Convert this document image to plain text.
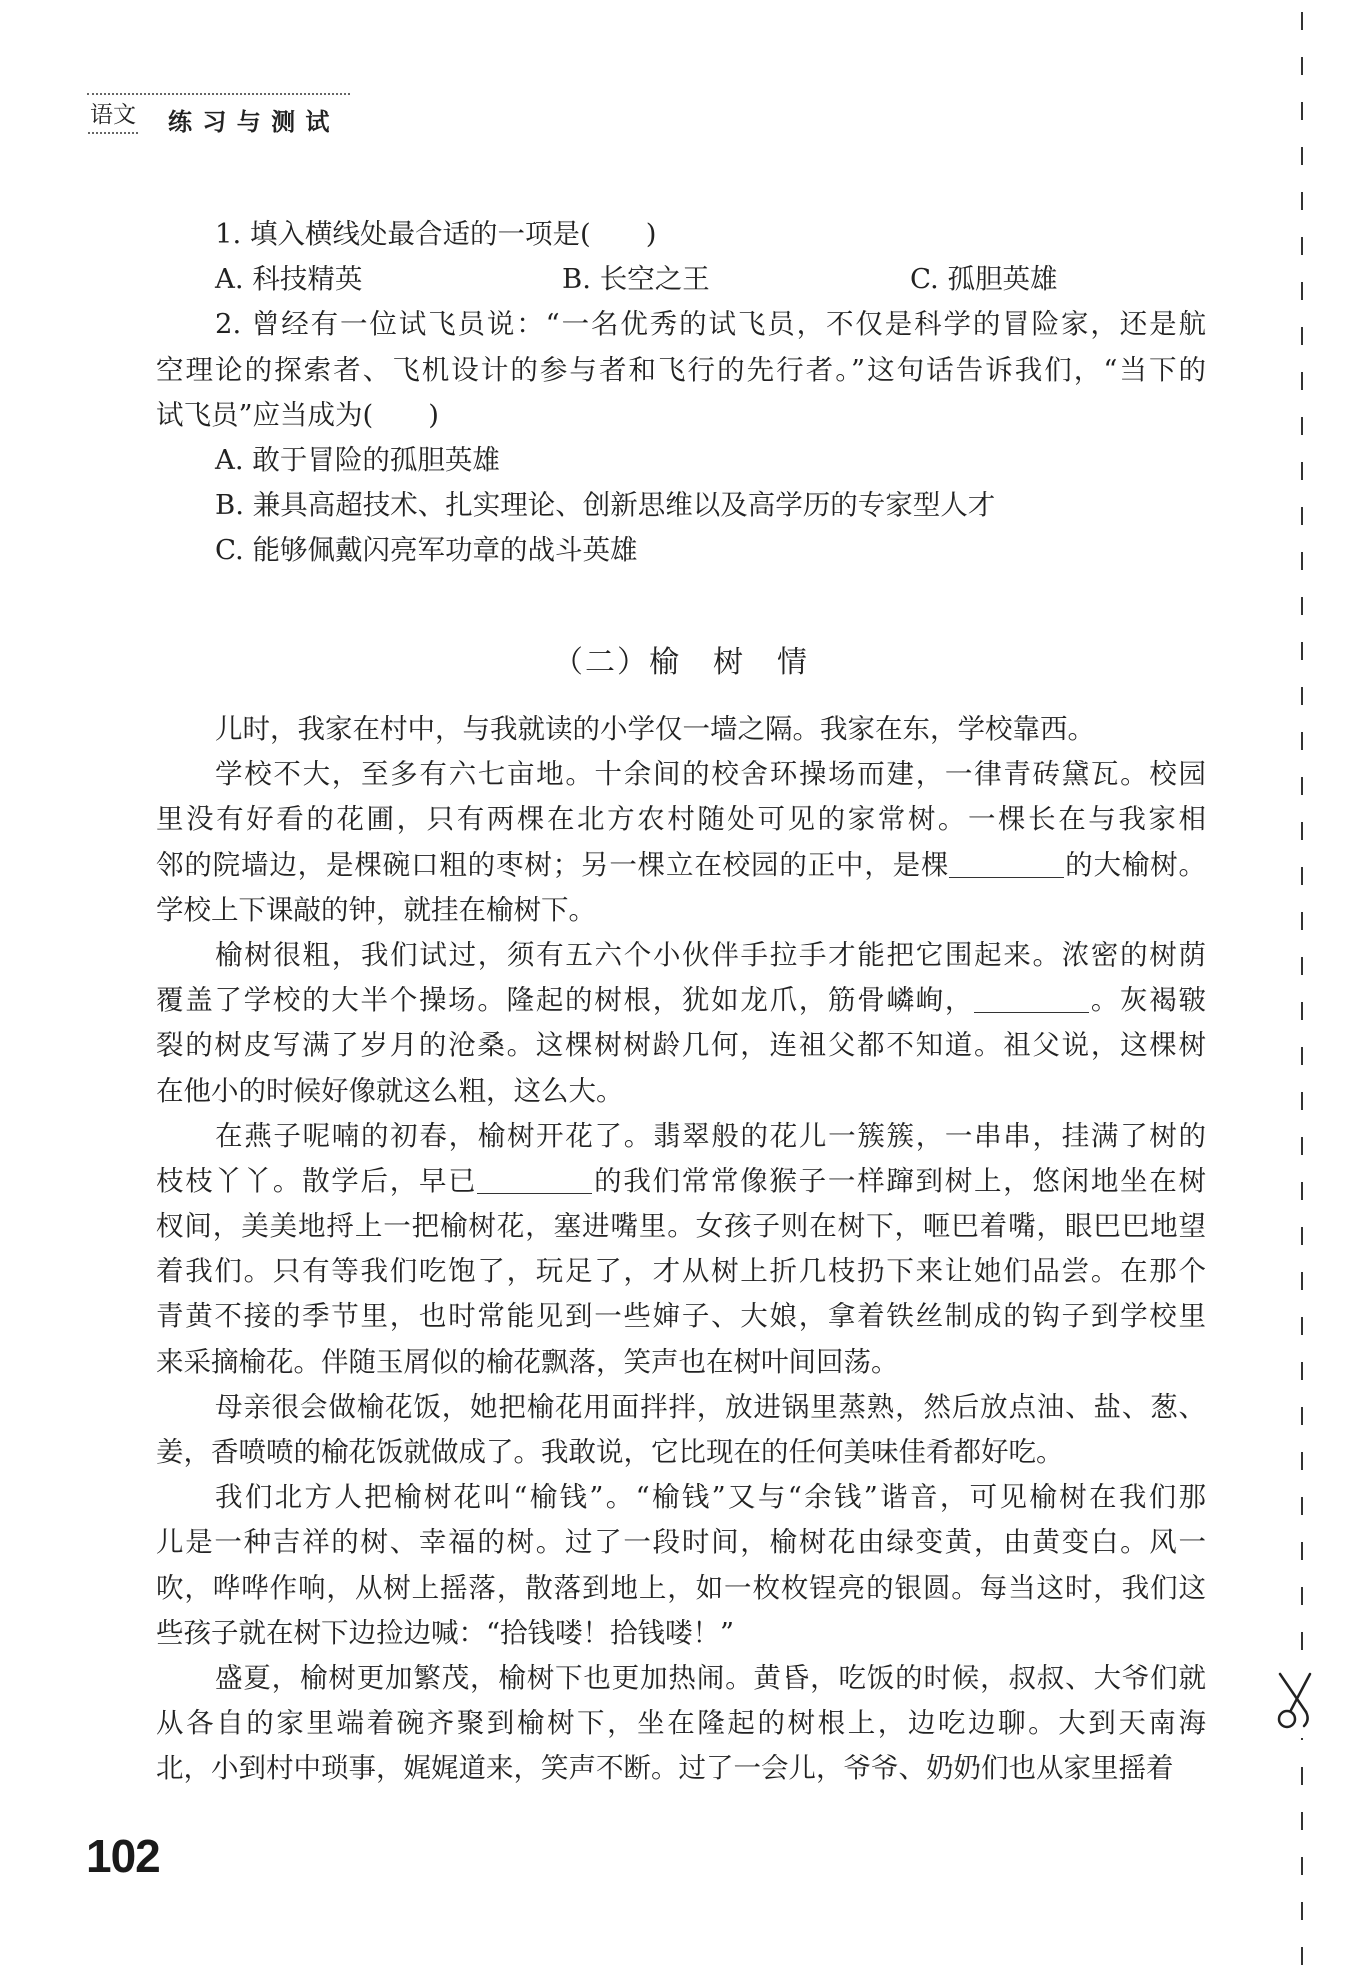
语文 练 习 与 测 试
1. 填入横线处最合适的一项是(　　)
A. 科技精英	B. 长空之王	C. 孤胆英雄
2. 曾经有一位试飞员说：“一名优秀的试飞员，不仅是科学的冒险家，还是航
空理论的探索者、飞机设计的参与者和飞行的先行者。”这句话告诉我们，“当下的
试飞员”应当成为(　　)
A. 敢于冒险的孤胆英雄
B. 兼具高超技术、扎实理论、创新思维以及高学历的专家型人才
C. 能够佩戴闪亮军功章的战斗英雄
（二）榆　树　情
儿时，我家在村中，与我就读的小学仅一墙之隔。我家在东，学校靠西。
学校不大，至多有六七亩地。十余间的校舍环操场而建，一律青砖黛瓦。校园
里没有好看的花圃，只有两棵在北方农村随处可见的家常树。一棵长在与我家相
邻的院墙边，是棵碗口粗的枣树；另一棵立在校园的正中，是棵	的大榆树。
学校上下课敲的钟，就挂在榆树下。
榆树很粗，我们试过，须有五六个小伙伴手拉手才能把它围起来。浓密的树荫
覆盖了学校的大半个操场。隆起的树根，犹如龙爪，筋骨嶙峋，	。灰褐皲
裂的树皮写满了岁月的沧桑。这棵树树龄几何，连祖父都不知道。祖父说，这棵树
在他小的时候好像就这么粗，这么大。
在燕子呢喃的初春，榆树开花了。翡翠般的花儿一簇簇，一串串，挂满了树的
枝枝丫丫。散学后，早已	的我们常常像猴子一样蹿到树上，悠闲地坐在树
杈间，美美地捋上一把榆树花，塞进嘴里。女孩子则在树下，咂巴着嘴，眼巴巴地望
着我们。只有等我们吃饱了，玩足了，才从树上折几枝扔下来让她们品尝。在那个
青黄不接的季节里，也时常能见到一些婶子、大娘，拿着铁丝制成的钩子到学校里
来采摘榆花。伴随玉屑似的榆花飘落，笑声也在树叶间回荡。
母亲很会做榆花饭，她把榆花用面拌拌，放进锅里蒸熟，然后放点油、盐、葱、
姜，香喷喷的榆花饭就做成了。我敢说，它比现在的任何美味佳肴都好吃。
我们北方人把榆树花叫“榆钱”。“榆钱”又与“余钱”谐音，可见榆树在我们那
儿是一种吉祥的树、幸福的树。过了一段时间，榆树花由绿变黄，由黄变白。风一
吹，哗哗作响，从树上摇落，散落到地上，如一枚枚锃亮的银圆。每当这时，我们这
些孩子就在树下边捡边喊：“拾钱喽！拾钱喽！”
盛夏，榆树更加繁茂，榆树下也更加热闹。黄昏，吃饭的时候，叔叔、大爷们就
从各自的家里端着碗齐聚到榆树下，坐在隆起的树根上，边吃边聊。大到天南海
北，小到村中琐事，娓娓道来，笑声不断。过了一会儿，爷爷、奶奶们也从家里摇着
102
